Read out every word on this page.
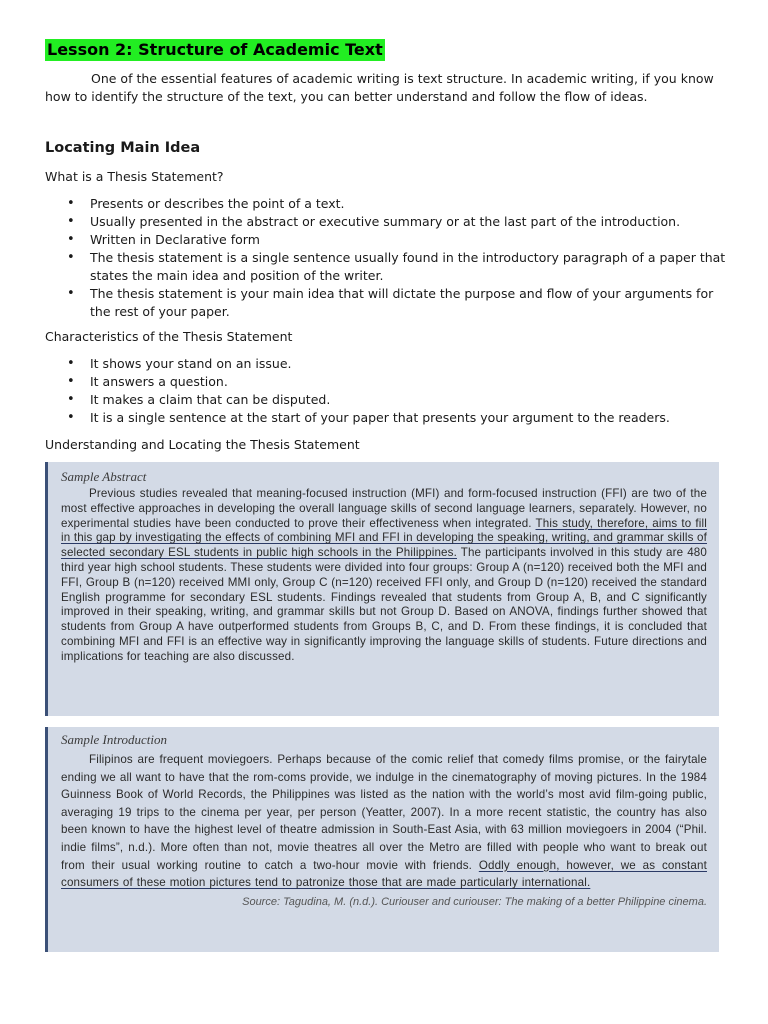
Lesson 2: Structure of Academic Text

One of the essential features of academic writing is text structure. In academic writing, if you know how to identify the structure of the text, you can better understand and follow the flow of ideas.

Locating Main Idea

What is a Thesis Statement?

• Presents or describes the point of a text.
• Usually presented in the abstract or executive summary or at the last part of the introduction.
• Written in Declarative form
• The thesis statement is a single sentence usually found in the introductory paragraph of a paper that states the main idea and position of the writer.
• The thesis statement is your main idea that will dictate the purpose and flow of your arguments for the rest of your paper.

Characteristics of the Thesis Statement

• It shows your stand on an issue.
• It answers a question.
• It makes a claim that can be disputed.
• It is a single sentence at the start of your paper that presents your argument to the readers.

Understanding and Locating the Thesis Statement

Sample Abstract

Previous studies revealed that meaning-focused instruction (MFI) and form-focused instruction (FFI) are two of the most effective approaches in developing the overall language skills of second language learners, separately. However, no experimental studies have been conducted to prove their effectiveness when integrated. This study, therefore, aims to fill in this gap by investigating the effects of combining MFI and FFI in developing the speaking, writing, and grammar skills of selected secondary ESL students in public high schools in the Philippines. The participants involved in this study are 480 third year high school students. These students were divided into four groups: Group A (n=120) received both the MFI and FFI, Group B (n=120) received MMI only, Group C (n=120) received FFI only, and Group D (n=120) received the standard English programme for secondary ESL students. Findings revealed that students from Group A, B, and C significantly improved in their speaking, writing, and grammar skills but not Group D. Based on ANOVA, findings further showed that students from Group A have outperformed students from Groups B, C, and D. From these findings, it is concluded that combining MFI and FFI is an effective way in significantly improving the language skills of students. Future directions and implications for teaching are also discussed.

Sample Introduction

Filipinos are frequent moviegoers. Perhaps because of the comic relief that comedy films promise, or the fairytale ending we all want to have that the rom-coms provide, we indulge in the cinematography of moving pictures. In the 1984 Guinness Book of World Records, the Philippines was listed as the nation with the world’s most avid film-going public, averaging 19 trips to the cinema per year, per person (Yeatter, 2007). In a more recent statistic, the country has also been known to have the highest level of theatre admission in South-East Asia, with 63 million moviegoers in 2004 (“Phil. indie films”, n.d.). More often than not, movie theatres all over the Metro are filled with people who want to break out from their usual working routine to catch a two-hour movie with friends. Oddly enough, however, we as constant consumers of these motion pictures tend to patronize those that are made particularly international.

Source: Tagudina, M. (n.d.). Curiouser and curiouser: The making of a better Philippine cinema.
